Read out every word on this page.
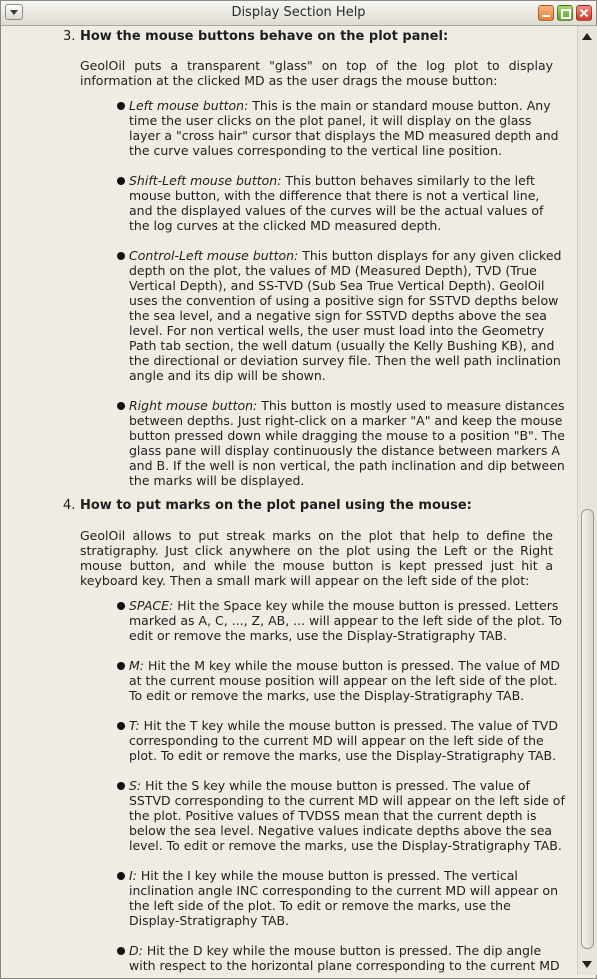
Display Section Help
3. How the mouse buttons behave on the plot panel:
GeolOil puts a transparent "glass" on top of the log plot to display information at the clicked MD as the user drags the mouse button:
Left mouse button: This is the main or standard mouse button. Any time the user clicks on the plot panel, it will display on the glass layer a "cross hair" cursor that displays the MD measured depth and the curve values corresponding to the vertical line position.
Shift-Left mouse button: This button behaves similarly to the left mouse button, with the difference that there is not a vertical line, and the displayed values of the curves will be the actual values of the log curves at the clicked MD measured depth.
Control-Left mouse button: This button displays for any given clicked depth on the plot, the values of MD (Measured Depth), TVD (True Vertical Depth), and SS-TVD (Sub Sea True Vertical Depth). GeolOil uses the convention of using a positive sign for SSTVD depths below the sea level, and a negative sign for SSTVD depths above the sea level. For non vertical wells, the user must load into the Geometry Path tab section, the well datum (usually the Kelly Bushing KB), and the directional or deviation survey file. Then the well path inclination angle and its dip will be shown.
Right mouse button: This button is mostly used to measure distances between depths. Just right-click on a marker "A" and keep the mouse button pressed down while dragging the mouse to a position "B". The glass pane will display continuously the distance between markers A and B. If the well is non vertical, the path inclination and dip between the marks will be displayed.
4. How to put marks on the plot panel using the mouse:
GeolOil allows to put streak marks on the plot that help to define the stratigraphy. Just click anywhere on the plot using the Left or the Right mouse button, and while the mouse button is kept pressed just hit a keyboard key. Then a small mark will appear on the left side of the plot:
SPACE: Hit the Space key while the mouse button is pressed. Letters marked as A, C, ..., Z, AB, ... will appear to the left side of the plot. To edit or remove the marks, use the Display-Stratigraphy TAB.
M: Hit the M key while the mouse button is pressed. The value of MD at the current mouse position will appear on the left side of the plot. To edit or remove the marks, use the Display-Stratigraphy TAB.
T: Hit the T key while the mouse button is pressed. The value of TVD corresponding to the current MD will appear on the left side of the plot. To edit or remove the marks, use the Display-Stratigraphy TAB.
S: Hit the S key while the mouse button is pressed. The value of SSTVD corresponding to the current MD will appear on the left side of the plot. Positive values of TVDSS mean that the current depth is below the sea level. Negative values indicate depths above the sea level. To edit or remove the marks, use the Display-Stratigraphy TAB.
I: Hit the I key while the mouse button is pressed. The vertical inclination angle INC corresponding to the current MD will appear on the left side of the plot. To edit or remove the marks, use the Display-Stratigraphy TAB.
D: Hit the D key while the mouse button is pressed. The dip angle with respect to the horizontal plane corresponding to the current MD
